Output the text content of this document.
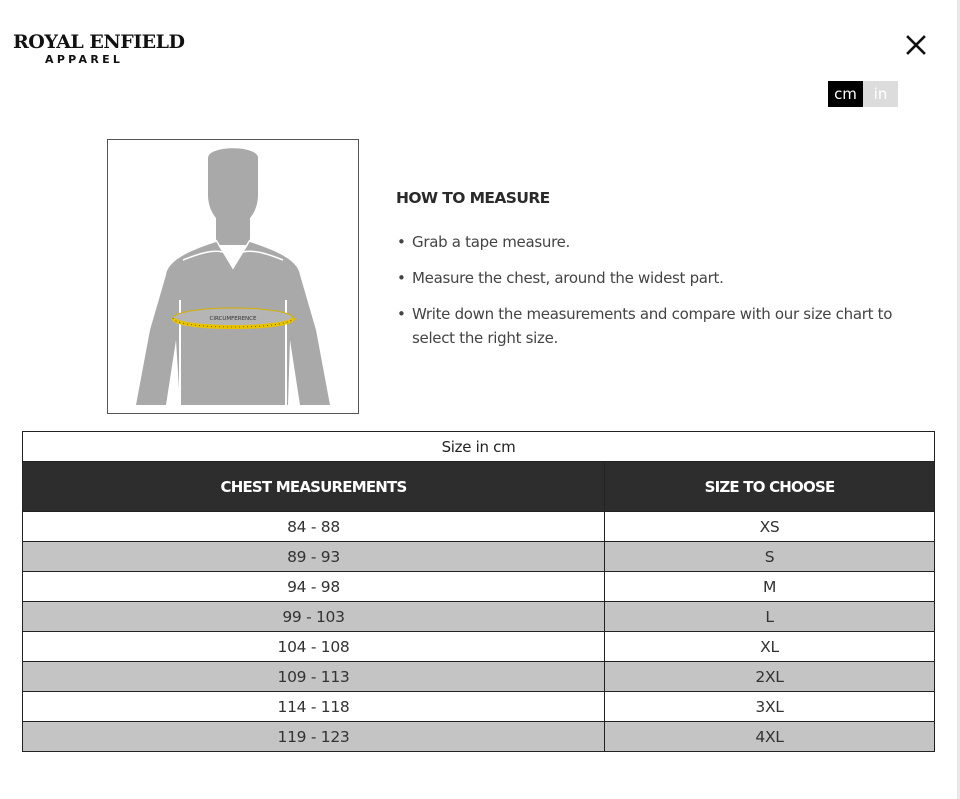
ROYAL ENFIELD
APPAREL
cm	in
CIRCUMFERENCE
HOW TO MEASURE
• Grab a tape measure.
• Measure the chest, around the widest part.
• Write down the measurements and compare with our size chart to select the right size.
Size in cm	
CHEST MEASUREMENTS	SIZE TO CHOOSE
84 - 88	XS
89 - 93	S
94 - 98	M
99 - 103	L
104 - 108	XL
109 - 113	2XL
114 - 118	3XL
119 - 123	4XL
